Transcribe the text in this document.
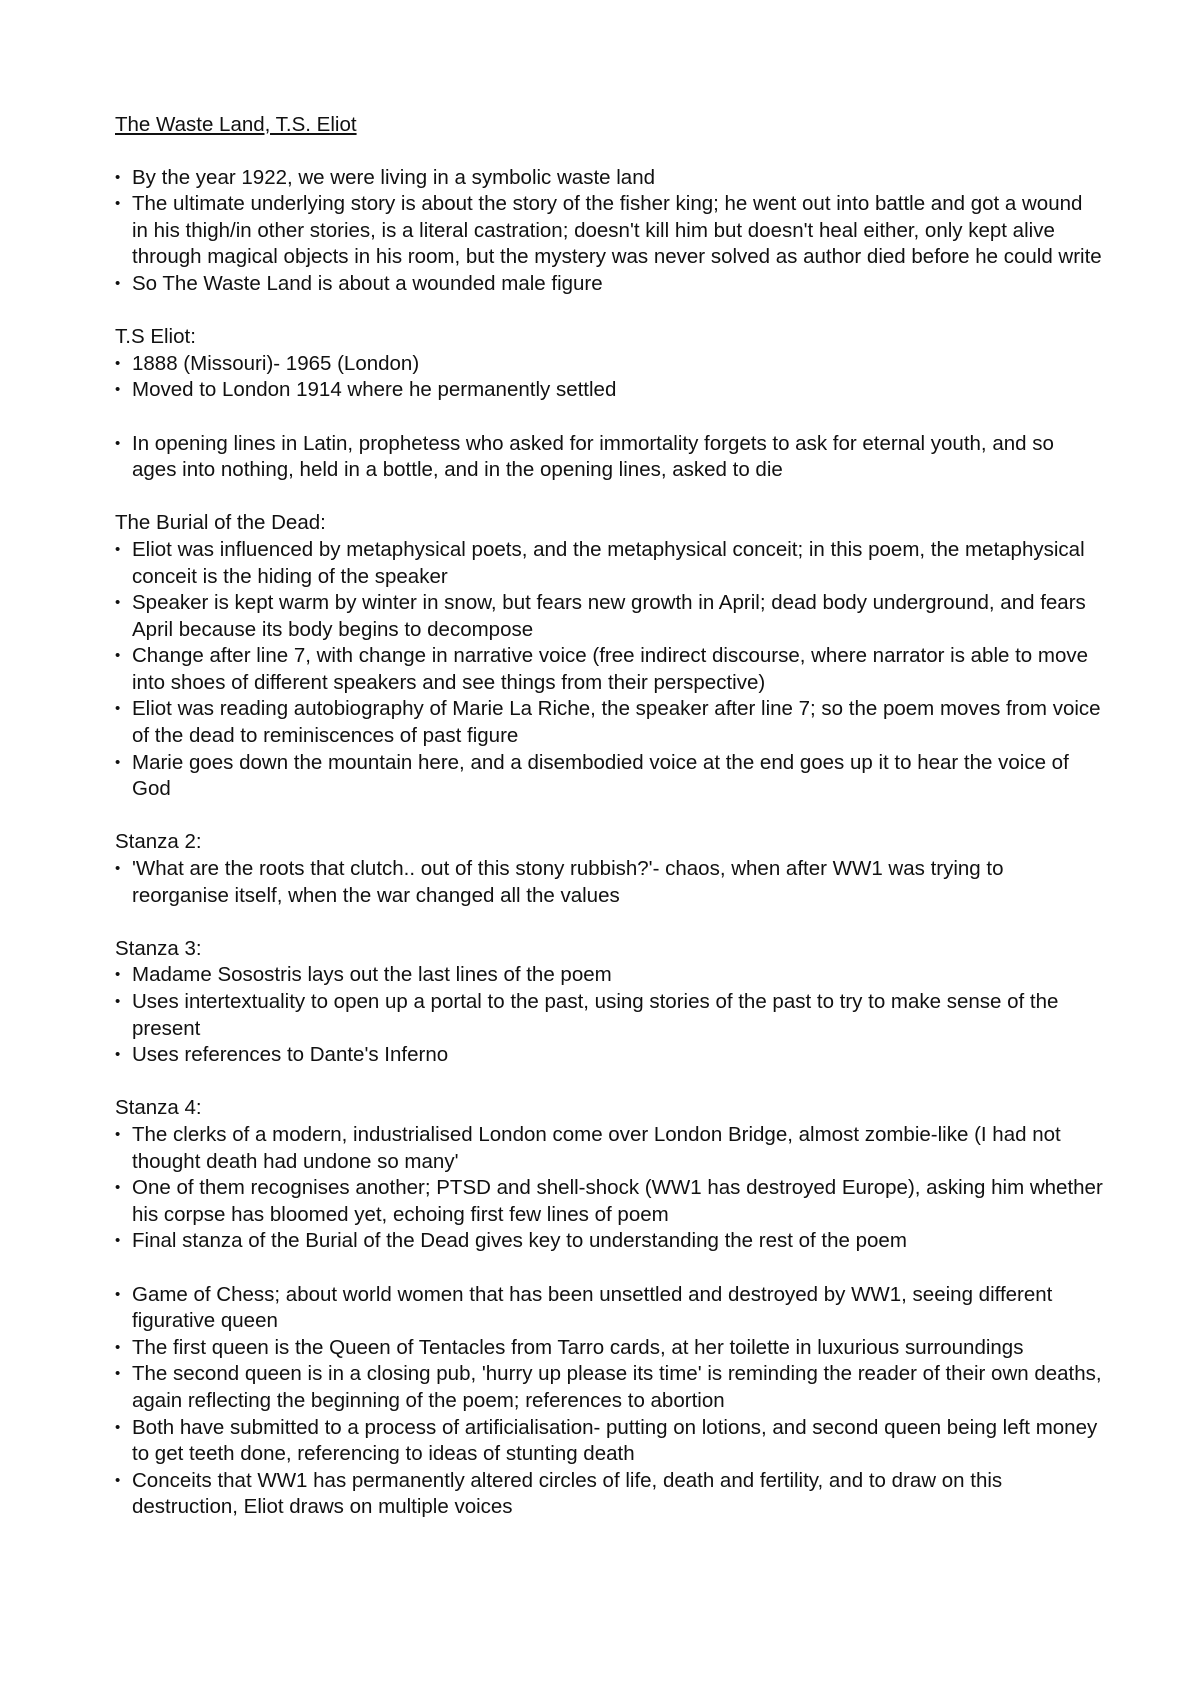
The Waste Land, T.S. Eliot

• By the year 1922, we were living in a symbolic waste land
• The ultimate underlying story is about the story of the fisher king; he went out into battle and got a wound in his thigh/in other stories, is a literal castration; doesn't kill him but doesn't heal either, only kept alive through magical objects in his room, but the mystery was never solved as author died before he could write
• So The Waste Land is about a wounded male figure

T.S Eliot:

• 1888 (Missouri)- 1965 (London)
• Moved to London 1914 where he permanently settled
• In opening lines in Latin, prophetess who asked for immortality forgets to ask for eternal youth, and so ages into nothing, held in a bottle, and in the opening lines, asked to die

The Burial of the Dead:

• Eliot was influenced by metaphysical poets, and the metaphysical conceit; in this poem, the metaphysical conceit is the hiding of the speaker
• Speaker is kept warm by winter in snow, but fears new growth in April; dead body underground, and fears April because its body begins to decompose
• Change after line 7, with change in narrative voice (free indirect discourse, where narrator is able to move into shoes of different speakers and see things from their perspective)
• Eliot was reading autobiography of Marie La Riche, the speaker after line 7; so the poem moves from voice of the dead to reminiscences of past figure
• Marie goes down the mountain here, and a disembodied voice at the end goes up it to hear the voice of God

Stanza 2:

• 'What are the roots that clutch.. out of this stony rubbish?'- chaos, when after WW1 was trying to reorganise itself, when the war changed all the values

Stanza 3:

• Madame Sosostris lays out the last lines of the poem
• Uses intertextuality to open up a portal to the past, using stories of the past to try to make sense of the present
• Uses references to Dante's Inferno

Stanza 4:

• The clerks of a modern, industrialised London come over London Bridge, almost zombie-like (I had not thought death had undone so many'
• One of them recognises another; PTSD and shell-shock (WW1 has destroyed Europe), asking him whether his corpse has bloomed yet, echoing first few lines of poem
• Final stanza of the Burial of the Dead gives key to understanding the rest of the poem
• Game of Chess; about world women that has been unsettled and destroyed by WW1, seeing different figurative queen
• The first queen is the Queen of Tentacles from Tarro cards, at her toilette in luxurious surroundings
• The second queen is in a closing pub, 'hurry up please its time' is reminding the reader of their own deaths, again reflecting the beginning of the poem; references to abortion
• Both have submitted to a process of artificialisation- putting on lotions, and second queen being left money to get teeth done, referencing to ideas of stunting death
• Conceits that WW1 has permanently altered circles of life, death and fertility, and to draw on this destruction, Eliot draws on multiple voices
